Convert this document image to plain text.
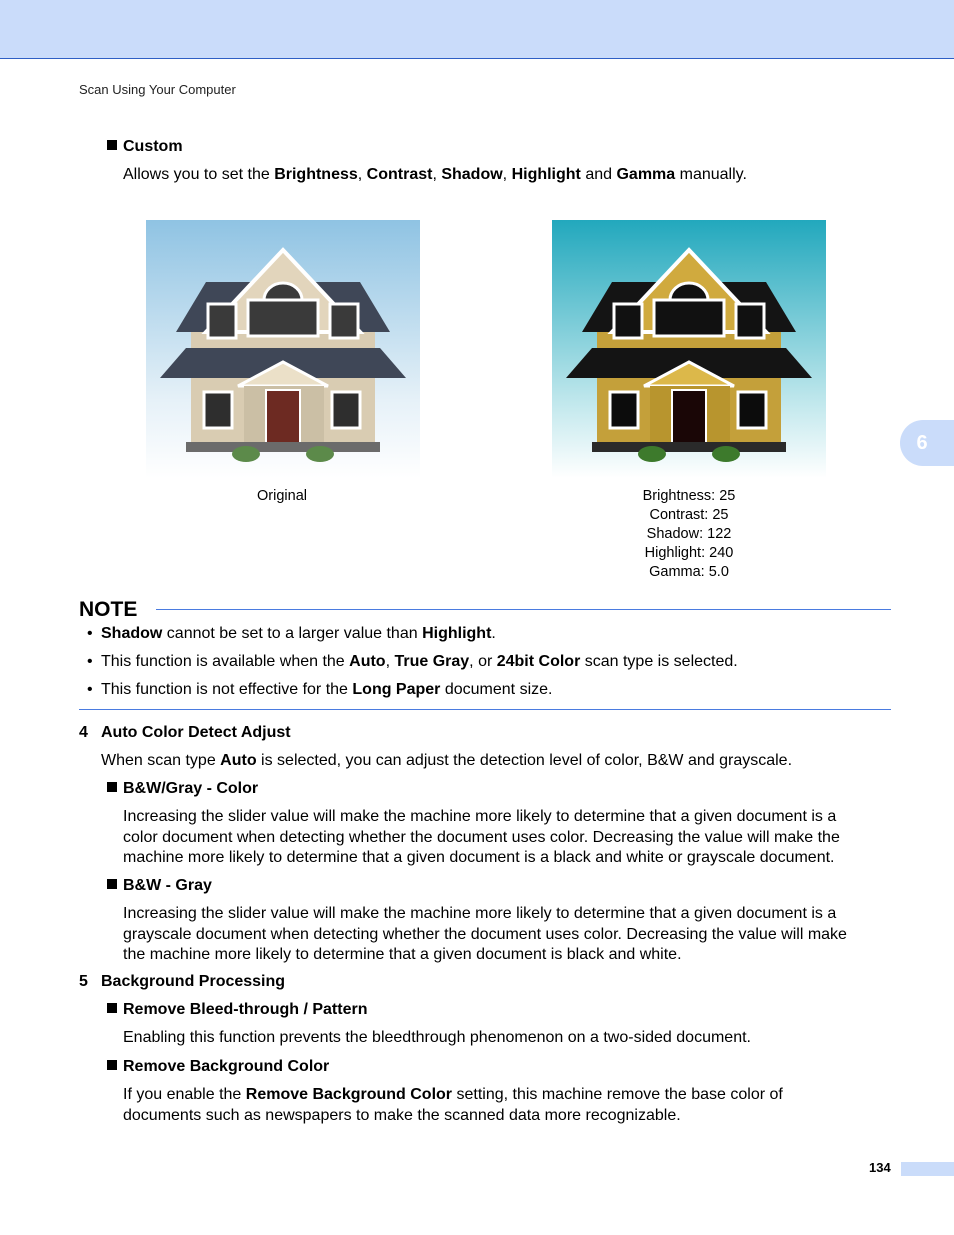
Scan Using Your Computer
6
Custom

Allows you to set the Brightness, Contrast, Shadow, Highlight and Gamma manually.

Original	Brightness: 25
Contrast: 25
Shadow: 122
Highlight: 240
Gamma: 5.0
NOTE
• Shadow cannot be set to a larger value than Highlight.
• This function is available when the Auto, True Gray, or 24bit Color scan type is selected.
• This function is not effective for the Long Paper document size.
4 Auto Color Detect Adjust

When scan type Auto is selected, you can adjust the detection level of color, B&W and grayscale.

B&W/Gray - Color
Increasing the slider value will make the machine more likely to determine that a given document is a
color document when detecting whether the document uses color. Decreasing the value will make the
machine more likely to determine that a given document is a black and white or grayscale document.
B&W - Gray
Increasing the slider value will make the machine more likely to determine that a given document is a
grayscale document when detecting whether the document uses color. Decreasing the value will make
the machine more likely to determine that a given document is black and white.
5 Background Processing
Remove Bleed-through / Pattern

Enabling this function prevents the bleedthrough phenomenon on a two-sided document.

Remove Background Color
If you enable the Remove Background Color setting, this machine remove the base color of
documents such as newspapers to make the scanned data more recognizable.
134
